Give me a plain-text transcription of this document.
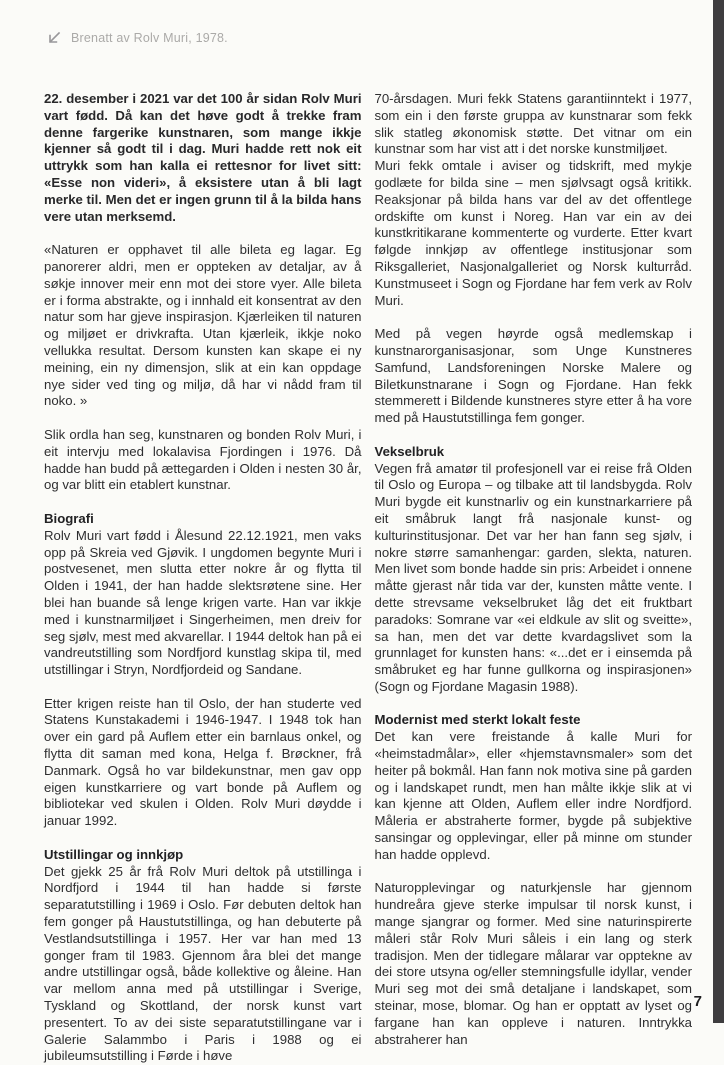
Brenatt av Rolv Muri, 1978.

22. desember i 2021 var det 100 år sidan Rolv Muri vart fødd. Då kan det høve godt å trekke fram denne fargerike kunstnaren, som mange ikkje kjenner så godt til i dag. Muri hadde rett nok eit uttrykk som han kalla ei rettesnor for livet sitt: «Esse non videri», å eksistere utan å bli lagt merke til. Men det er ingen grunn til å la bilda hans vere utan merksemd.

«Naturen er opphavet til alle bileta eg lagar. Eg panorerer aldri, men er oppteken av detaljar, av å søkje innover meir enn mot dei store vyer. Alle bileta er i forma abstrakte, og i innhald eit konsentrat av den natur som har gjeve inspirasjon. Kjærleiken til naturen og miljøet er drivkrafta. Utan kjærleik, ikkje noko vellukka resultat. Dersom kunsten kan skape ei ny meining, ein ny dimensjon, slik at ein kan oppdage nye sider ved ting og miljø, då har vi nådd fram til noko. »

Slik ordla han seg, kunstnaren og bonden Rolv Muri, i eit intervju med lokalavisa Fjordingen i 1976. Då hadde han budd på ættegarden i Olden i nesten 30 år, og var blitt ein etablert kunstnar.

Biografi

Rolv Muri vart fødd i Ålesund 22.12.1921, men vaks opp på Skreia ved Gjøvik. I ungdomen begynte Muri i postvesenet, men slutta etter nokre år og flytta til Olden i 1941, der han hadde slektsrøtene sine. Her blei han buande så lenge krigen varte. Han var ikkje med i kunstnarmiljøet i Singerheimen, men dreiv for seg sjølv, mest med akvarellar. I 1944 deltok han på ei vandreutstilling som Nordfjord kunstlag skipa til, med utstillingar i Stryn, Nordfjordeid og Sandane.

Etter krigen reiste han til Oslo, der han studerte ved Statens Kunstakademi i 1946-1947. I 1948 tok han over ein gard på Auflem etter ein barnlaus onkel, og flytta dit saman med kona, Helga f. Brøckner, frå Danmark. Også ho var bildekunstnar, men gav opp eigen kunstkarriere og vart bonde på Auflem og bibliotekar ved skulen i Olden. Rolv Muri døydde i januar 1992.

Utstillingar og innkjøp

Det gjekk 25 år frå Rolv Muri deltok på utstillinga i Nordfjord i 1944 til han hadde si første separatutstilling i 1969 i Oslo. Før debuten deltok han fem gonger på Haustutstillinga, og han debuterte på Vestlandsutstillinga i 1957. Her var han med 13 gonger fram til 1983. Gjennom åra blei det mange andre utstillingar også, både kollektive og åleine. Han var mellom anna med på utstillingar i Sverige, Tyskland og Skottland, der norsk kunst vart presentert. To av dei siste separatutstillingane var i Galerie Salammbo i Paris i 1988 og ei jubileumsutstilling i Førde i høve

70-årsdagen. Muri fekk Statens garantiinntekt i 1977, som ein i den første gruppa av kunstnarar som fekk slik statleg økonomisk støtte. Det vitnar om ein kunstnar som har vist att i det norske kunstmiljøet.

Muri fekk omtale i aviser og tidskrift, med mykje godlæte for bilda sine – men sjølvsagt også kritikk. Reaksjonar på bilda hans var del av det offentlege ordskifte om kunst i Noreg. Han var ein av dei kunstkritikarane kommenterte og vurderte. Etter kvart følgde innkjøp av offentlege institusjonar som Riksgalleriet, Nasjonalgalleriet og Norsk kulturråd. Kunstmuseet i Sogn og Fjordane har fem verk av Rolv Muri.

Med på vegen høyrde også medlemskap i kunstnarorganisasjonar, som Unge Kunstneres Samfund, Landsforeningen Norske Malere og Biletkunstnarane i Sogn og Fjordane. Han fekk stemmerett i Bildende kunstneres styre etter å ha vore med på Haustutstillinga fem gonger.

Vekselbruk

Vegen frå amatør til profesjonell var ei reise frå Olden til Oslo og Europa – og tilbake att til landsbygda. Rolv Muri bygde eit kunstnarliv og ein kunstnarkarriere på eit småbruk langt frå nasjonale kunst- og kulturinstitusjonar. Det var her han fann seg sjølv, i nokre større samanhengar: garden, slekta, naturen. Men livet som bonde hadde sin pris: Arbeidet i onnene måtte gjerast når tida var der, kunsten måtte vente. I dette strevsame vekselbruket låg det eit fruktbart paradoks: Somrane var «ei eldkule av slit og sveitte», sa han, men det var dette kvardagslivet som la grunnlaget for kunsten hans: «...det er i einsemda på småbruket eg har funne gullkorna og inspirasjonen» (Sogn og Fjordane Magasin 1988).

Modernist med sterkt lokalt feste

Det kan vere freistande å kalle Muri for «heimstadmålar», eller «hjemstavnsmaler» som det heiter på bokmål. Han fann nok motiva sine på garden og i landskapet rundt, men han målte ikkje slik at vi kan kjenne att Olden, Auflem eller indre Nordfjord. Måleria er abstraherte former, bygde på subjektive sansingar og opplevingar, eller på minne om stunder han hadde opplevd.

Naturopplevingar og naturkjensle har gjennom hundreåra gjeve sterke impulsar til norsk kunst, i mange sjangrar og former. Med sine naturinspirerte måleri står Rolv Muri såleis i ein lang og sterk tradisjon. Men der tidlegare målarar var opptekne av dei store utsyna og/eller stemningsfulle idyllar, vender Muri seg mot dei små detaljane i landskapet, som steinar, mose, blomar. Og han er opptatt av lyset og fargane han kan oppleve i naturen. Inntrykka abstraherer han

7
